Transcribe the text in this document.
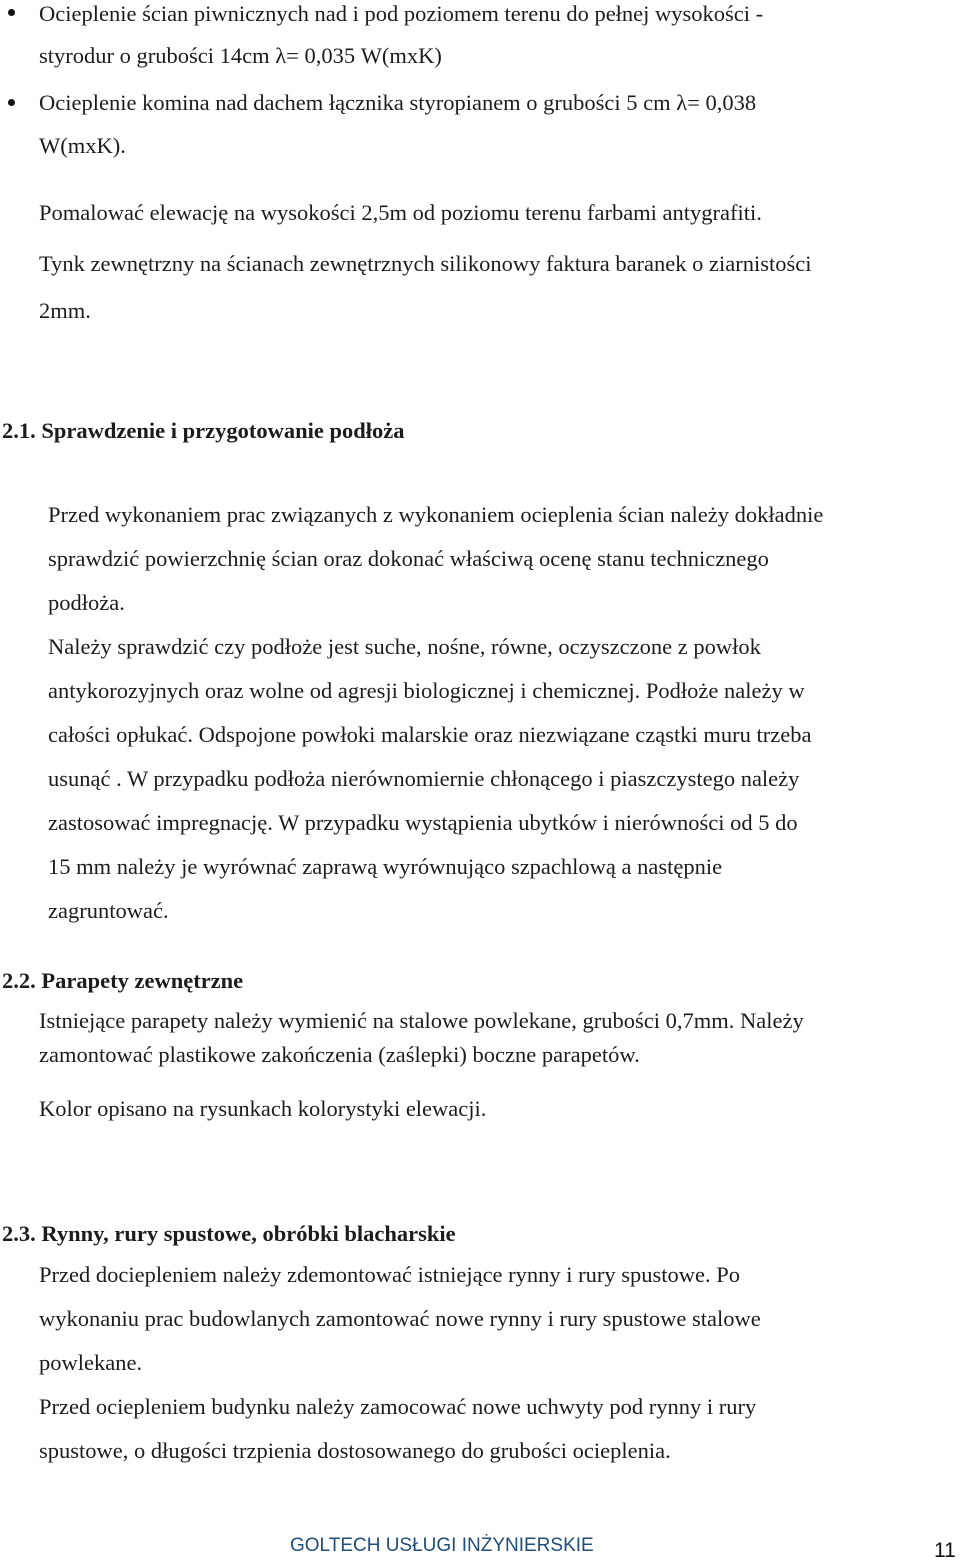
Ocieplenie ścian piwnicznych nad i pod poziomem terenu do pełnej wysokości -
styrodur o grubości 14cm λ= 0,035 W(mxK)
Ocieplenie komina nad dachem łącznika styropianem o grubości 5 cm λ= 0,038
W(mxK).
Pomalować elewację na wysokości 2,5m od poziomu terenu farbami antygrafiti.
Tynk zewnętrzny na ścianach zewnętrznych silikonowy faktura baranek o ziarnistości
2mm.
2.1. Sprawdzenie i przygotowanie podłoża
Przed wykonaniem prac związanych z wykonaniem ocieplenia ścian należy dokładnie
sprawdzić powierzchnię ścian oraz dokonać właściwą ocenę stanu technicznego
podłoża.
Należy sprawdzić czy podłoże jest suche, nośne, równe, oczyszczone z powłok
antykorozyjnych oraz wolne od agresji biologicznej i chemicznej. Podłoże należy w
całości opłukać. Odspojone powłoki malarskie oraz niezwiązane cząstki muru trzeba
usunąć . W przypadku podłoża nierównomiernie chłonącego i piaszczystego należy
zastosować impregnację. W przypadku wystąpienia ubytków i nierówności od 5 do
15 mm należy je wyrównać zaprawą wyrównująco szpachlową a następnie
zagruntować.
2.2. Parapety zewnętrzne
Istniejące parapety należy wymienić na stalowe powlekane, grubości 0,7mm. Należy
zamontować plastikowe zakończenia (zaślepki) boczne parapetów.
Kolor opisano na rysunkach kolorystyki elewacji.
2.3. Rynny, rury spustowe, obróbki blacharskie
Przed dociepleniem należy zdemontować istniejące rynny i rury spustowe. Po
wykonaniu prac budowlanych zamontować nowe rynny i rury spustowe stalowe
powlekane.
Przed ociepleniem budynku należy zamocować nowe uchwyty pod rynny i rury
spustowe, o długości trzpienia dostosowanego do grubości ocieplenia.
GOLTECH USŁUGI INŻYNIERSKIE	11
